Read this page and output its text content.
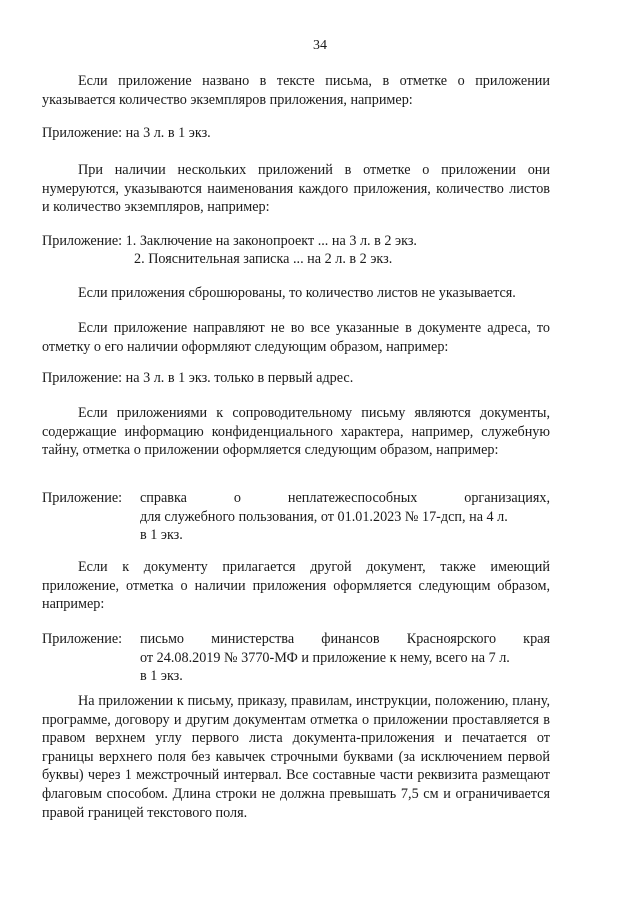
34
Если приложение названо в тексте письма, в отметке о приложении указывается количество экземпляров приложения, например:
Приложение: на 3 л. в 1 экз.
При наличии нескольких приложений в отметке о приложении они нумеруются, указываются наименования каждого приложения, количество листов и количество экземпляров, например:
Приложение: 1. Заключение на законопроект ... на 3 л. в 2 экз.
2. Пояснительная записка ... на 2 л. в 2 экз.
Если приложения сброшюрованы, то количество листов не указывается.
Если приложение направляют не во все указанные в документе адреса, то отметку о его наличии оформляют следующим образом, например:
Приложение: на 3 л. в 1 экз. только в первый адрес.
Если приложениями к сопроводительному письму являются документы, содержащие информацию конфиденциального характера, например, служебную тайну, отметка о приложении оформляется следующим образом, например:
Приложение: справка о неплатежеспособных организациях,
для служебного пользования, от 01.01.2023 № 17-дсп, на 4 л.
в 1 экз.
Если к документу прилагается другой документ, также имеющий приложение, отметка о наличии приложения оформляется следующим образом, например:
Приложение: письмо министерства финансов Красноярского края
от 24.08.2019 № 3770-МФ и приложение к нему, всего на 7 л.
в 1 экз.
На приложении к письму, приказу, правилам, инструкции, положению, плану, программе, договору и другим документам отметка о приложении проставляется в правом верхнем углу первого листа документа-приложения и печатается от границы верхнего поля без кавычек строчными буквами (за исключением первой буквы) через 1 межстрочный интервал. Все составные части реквизита размещают флаговым способом. Длина строки не должна превышать 7,5 см и ограничивается правой границей текстового поля.
